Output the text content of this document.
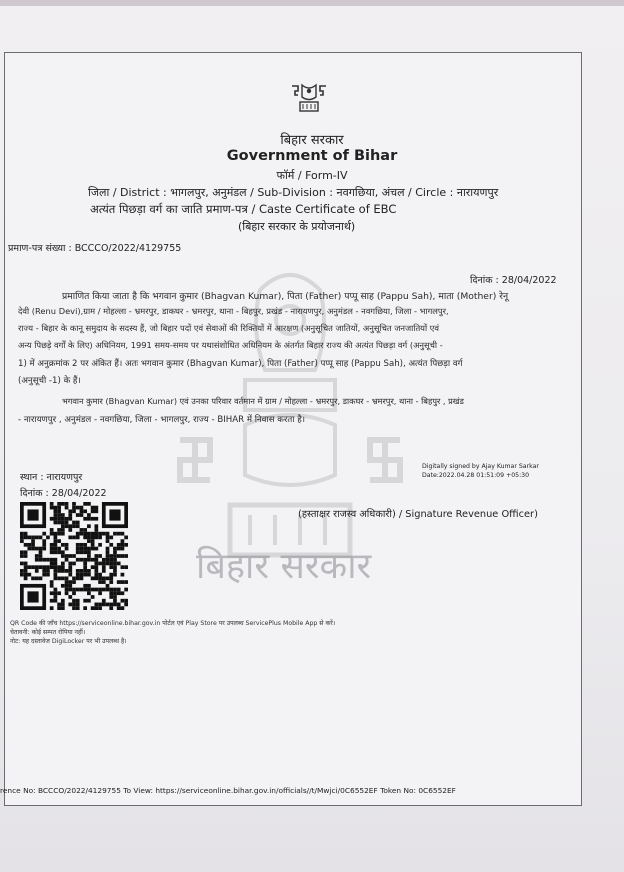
बिहार सरकार
बिहार सरकार
Government of Bihar
फॉर्म / Form-IV
जिला / District : भागलपुर, अनुमंडल / Sub-Division : नवगछिया, अंचल / Circle : नारायणपुर
अत्यंत पिछड़ा वर्ग का जाति प्रमाण-पत्र / Caste Certificate of EBC
(बिहार सरकार के प्रयोजनार्थ)
प्रमाण-पत्र संख्या : BCCCO/2022/4129755
दिनांक : 28/04/2022
प्रमाणित किया जाता है कि भगवान कुमार (Bhagvan Kumar), पिता (Father) पप्पू साह (Pappu Sah), माता (Mother) रेनू
देवी (Renu Devi),ग्राम / मोहल्ला - भ्रमरपुर, डाकघर - भ्रमरपुर, थाना - बिहपुर, प्रखंड - नारायणपुर, अनुमंडल - नवगछिया, जिला - भागलपुर,
राज्य - बिहार के कानू समुदाय के सदस्य हैं, जो बिहार पदों एवं सेवाओं की रिक्तियों में आरक्षण (अनुसूचित जातियों, अनुसूचित जनजातियों एवं
अन्य पिछड़े वर्गों के लिए) अधिनियम, 1991 समय-समय पर यथासंशोधित अधिनियम के अंतर्गत बिहार राज्य की अत्यंत पिछड़ा वर्ग (अनुसूची -
1) में अनुक्रमांक 2 पर अंकित हैं। अतः भगवान कुमार (Bhagvan Kumar), पिता (Father) पप्पू साह (Pappu Sah), अत्यंत पिछड़ा वर्ग
(अनुसूची -1) के हैं।
भगवान कुमार (Bhagvan Kumar) एवं उनका परिवार वर्तमान में ग्राम / मोहल्ला - भ्रमरपुर, डाकघर - भ्रमरपुर, थाना - बिहपुर , प्रखंड
- नारायणपुर , अनुमंडल - नवगछिया, जिला - भागलपुर, राज्य - BIHAR में निवास करता है।
Digitally signed by Ajay Kumar Sarkar
Date:2022.04.28 01:51:09 +05:30
(हस्ताक्षर राजस्व अधिकारी) / Signature Revenue Officer)
स्थान : नारायणपुर
दिनांक : 28/04/2022
QR Code की जाँच https://serviceonline.bihar.gov.in पोर्टल एवं Play Store पर उपलब्ध ServicePlus Mobile App से करें।
चेतावनी: कोई सम्पत रोपिया नहीं।
नोट: यह दस्तावेज DigiLocker पर भी उपलब्ध है।
rence No: BCCCO/2022/4129755 To View: https://serviceonline.bihar.gov.in/officials//t/Mwjci/0C6552EF Token No: 0C6552EF
